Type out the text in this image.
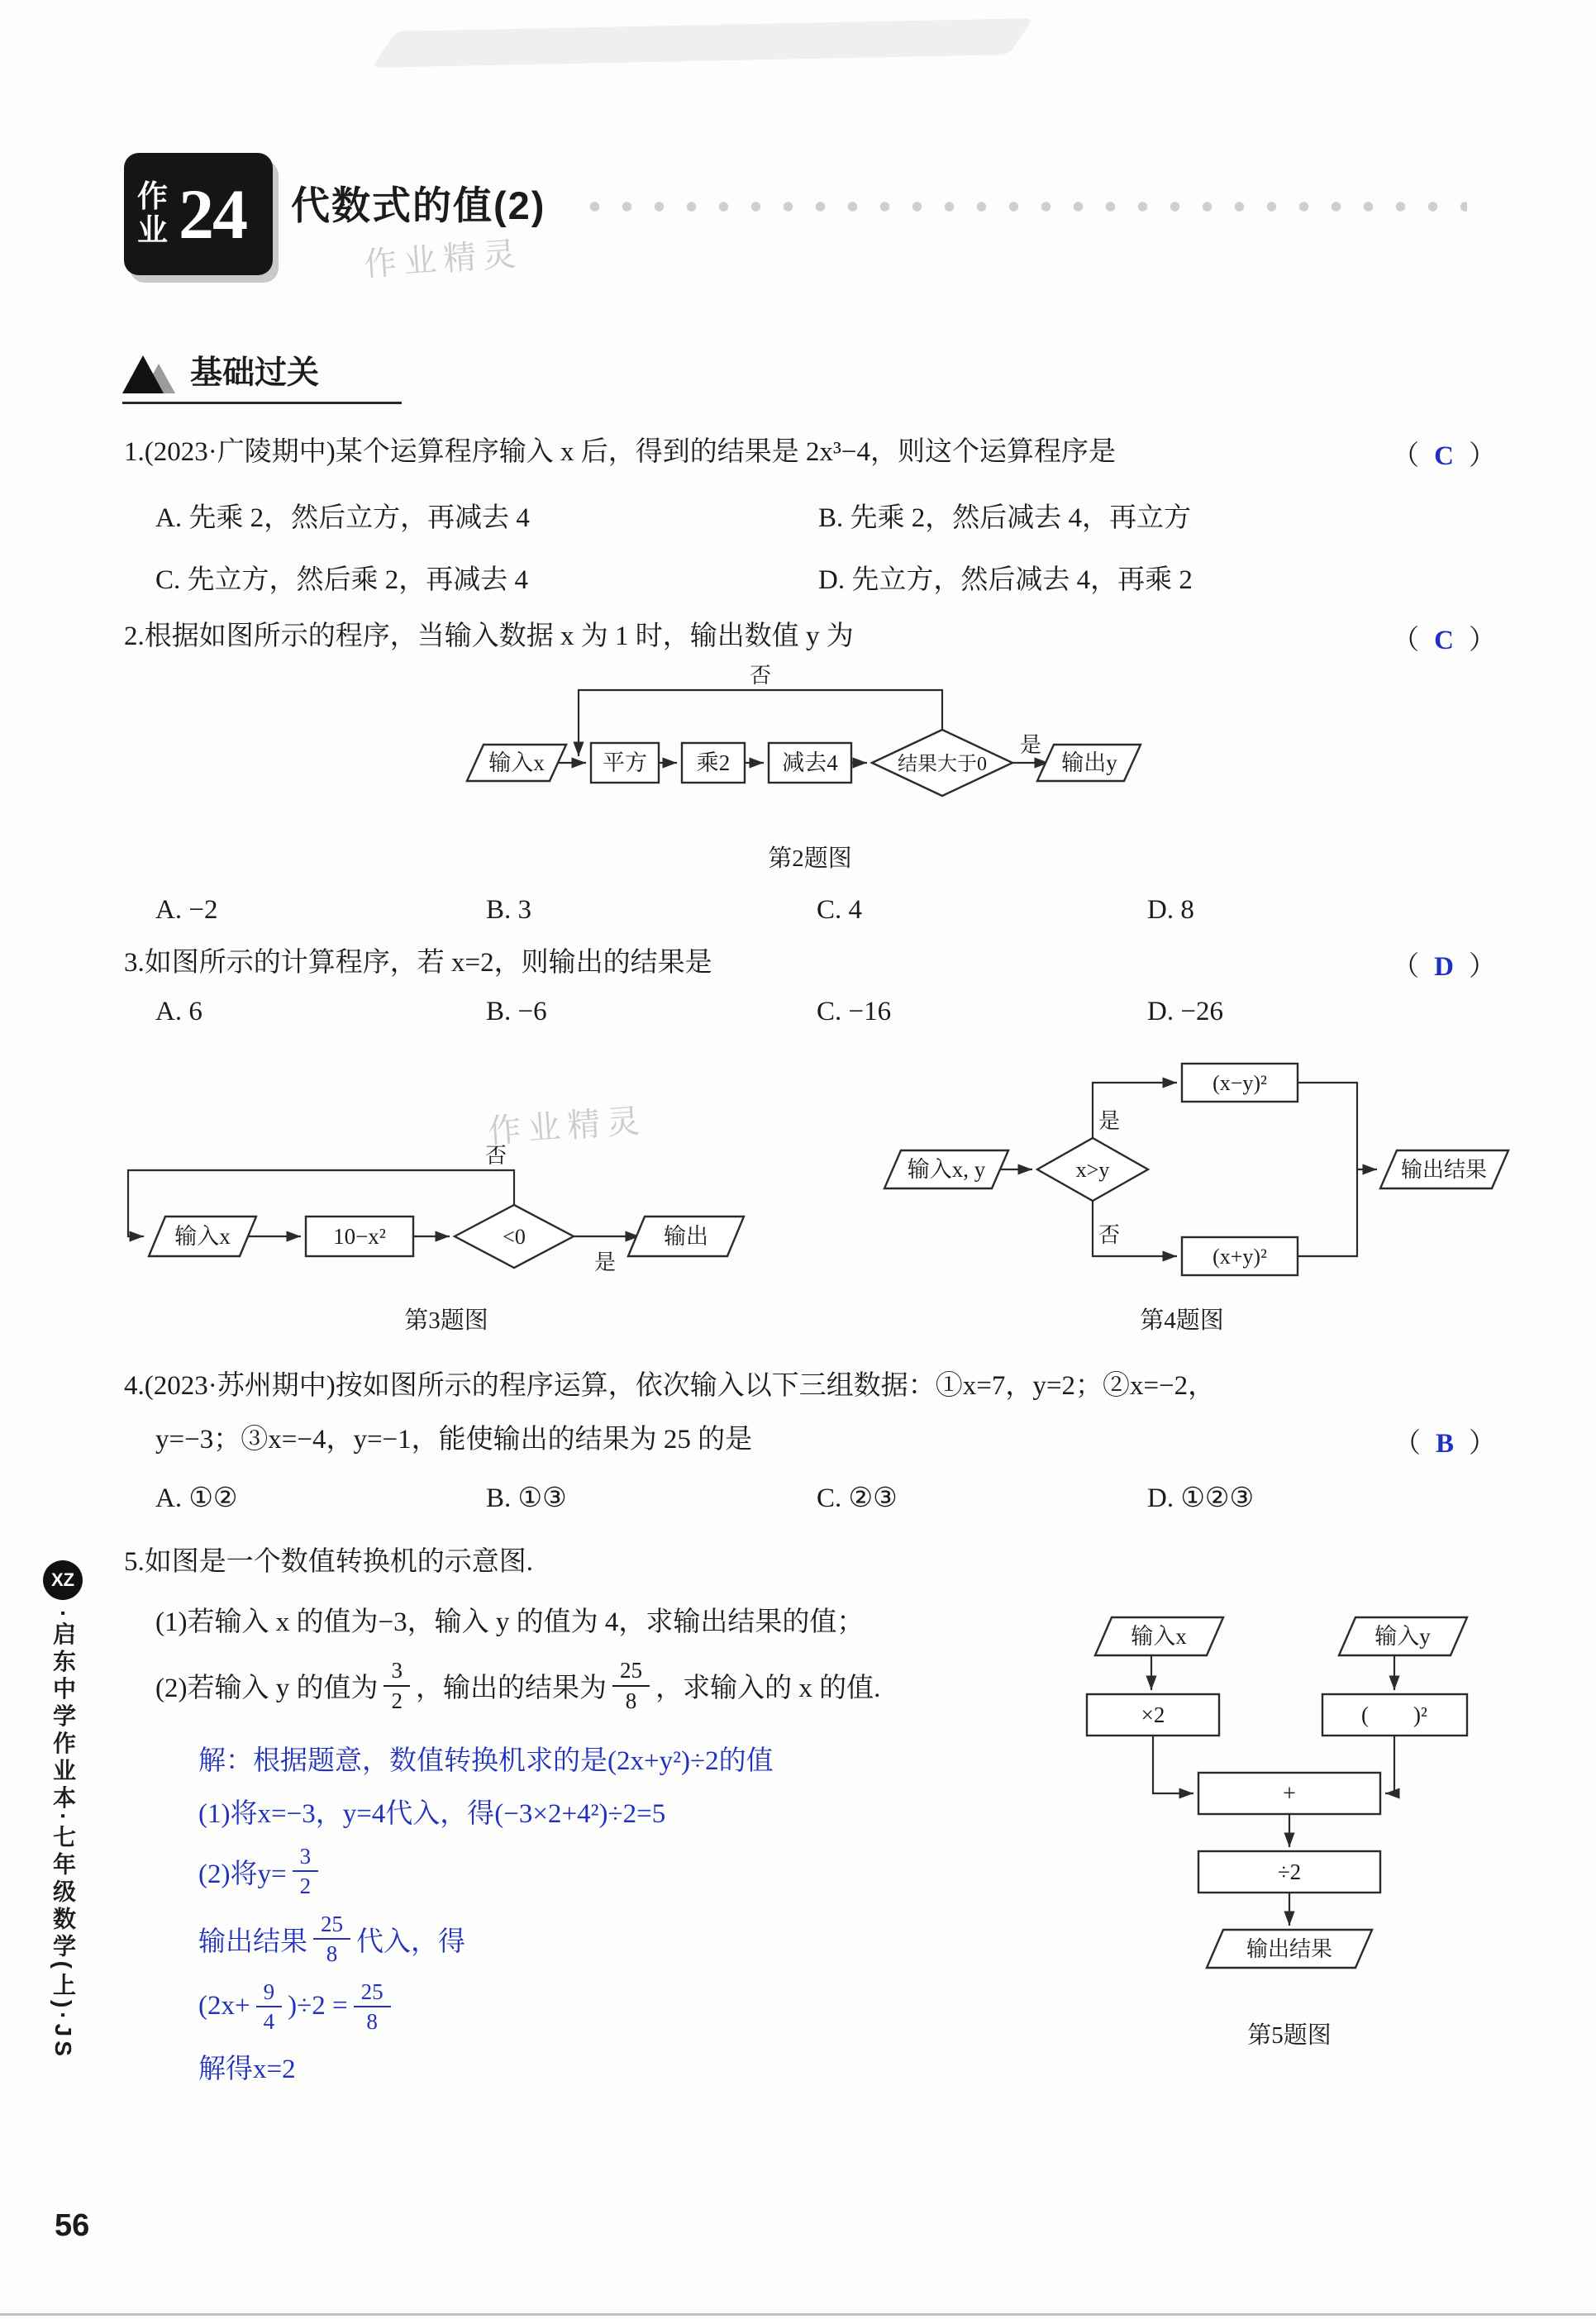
作业 24 代数式的值(2)
作业精灵
基础过关
1.(2023·广陵期中)某个运算程序输入 x 后，得到的结果是 2x³−4，则这个运算程序是	（ C ）
A. 先乘 2，然后立方，再减去 4	B. 先乘 2，然后减去 4，再立方
C. 先立方，然后乘 2，再减去 4	D. 先立方，然后减去 4，再乘 2
2.根据如图所示的程序，当输入数据 x 为 1 时，输出数值 y 为	（ C ）
输入x	平方 乘2 减去4	结果大于0	输出y
否
是
第2题图
A. −2	B. 3	C. 4	D. 8
3.如图所示的计算程序，若 x=2，则输出的结果是	（ D ）
A. 6	B. −6	C. −16	D. −26
作业精灵
输入x	10−x²	<0	输出
否
是
第3题图
输入x, y	x>y
(x−y)²
(x+y)²
输出结果
是
否
第4题图
4.(2023·苏州期中)按如图所示的程序运算，依次输入以下三组数据：①x=7，y=2；②x=−2，
y=−3；③x=−4，y=−1，能使输出的结果为 25 的是	（ B ）
A. ①②	B. ①③	C. ②③	D. ①②③
5.如图是一个数值转换机的示意图.
(1)若输入 x 的值为−3，输入 y 的值为 4，求输出结果的值；
(2)若输入 y 的值为 $\frac{3}{2}$ ，输出的结果为 $\frac{25}{8}$ ，求输入的 x 的值.
解：根据题意，数值转换机求的是(2x+y²)÷2的值
(1)将x=−3，y=4代入，得(−3×2+4²)÷2=5
(2)将$y= \frac{3}{2}$
输出结果 $\frac{25}{8}$ 代入，得
$(2x+ \frac{9}{4} )\div 2 = \frac{25}{8}$
解得x=2
输入x	输入y
×2	(　　)²
+
÷2
输出结果
第5题图
XZ
·启东中学作业本·七年级数学(上)·JS
56
